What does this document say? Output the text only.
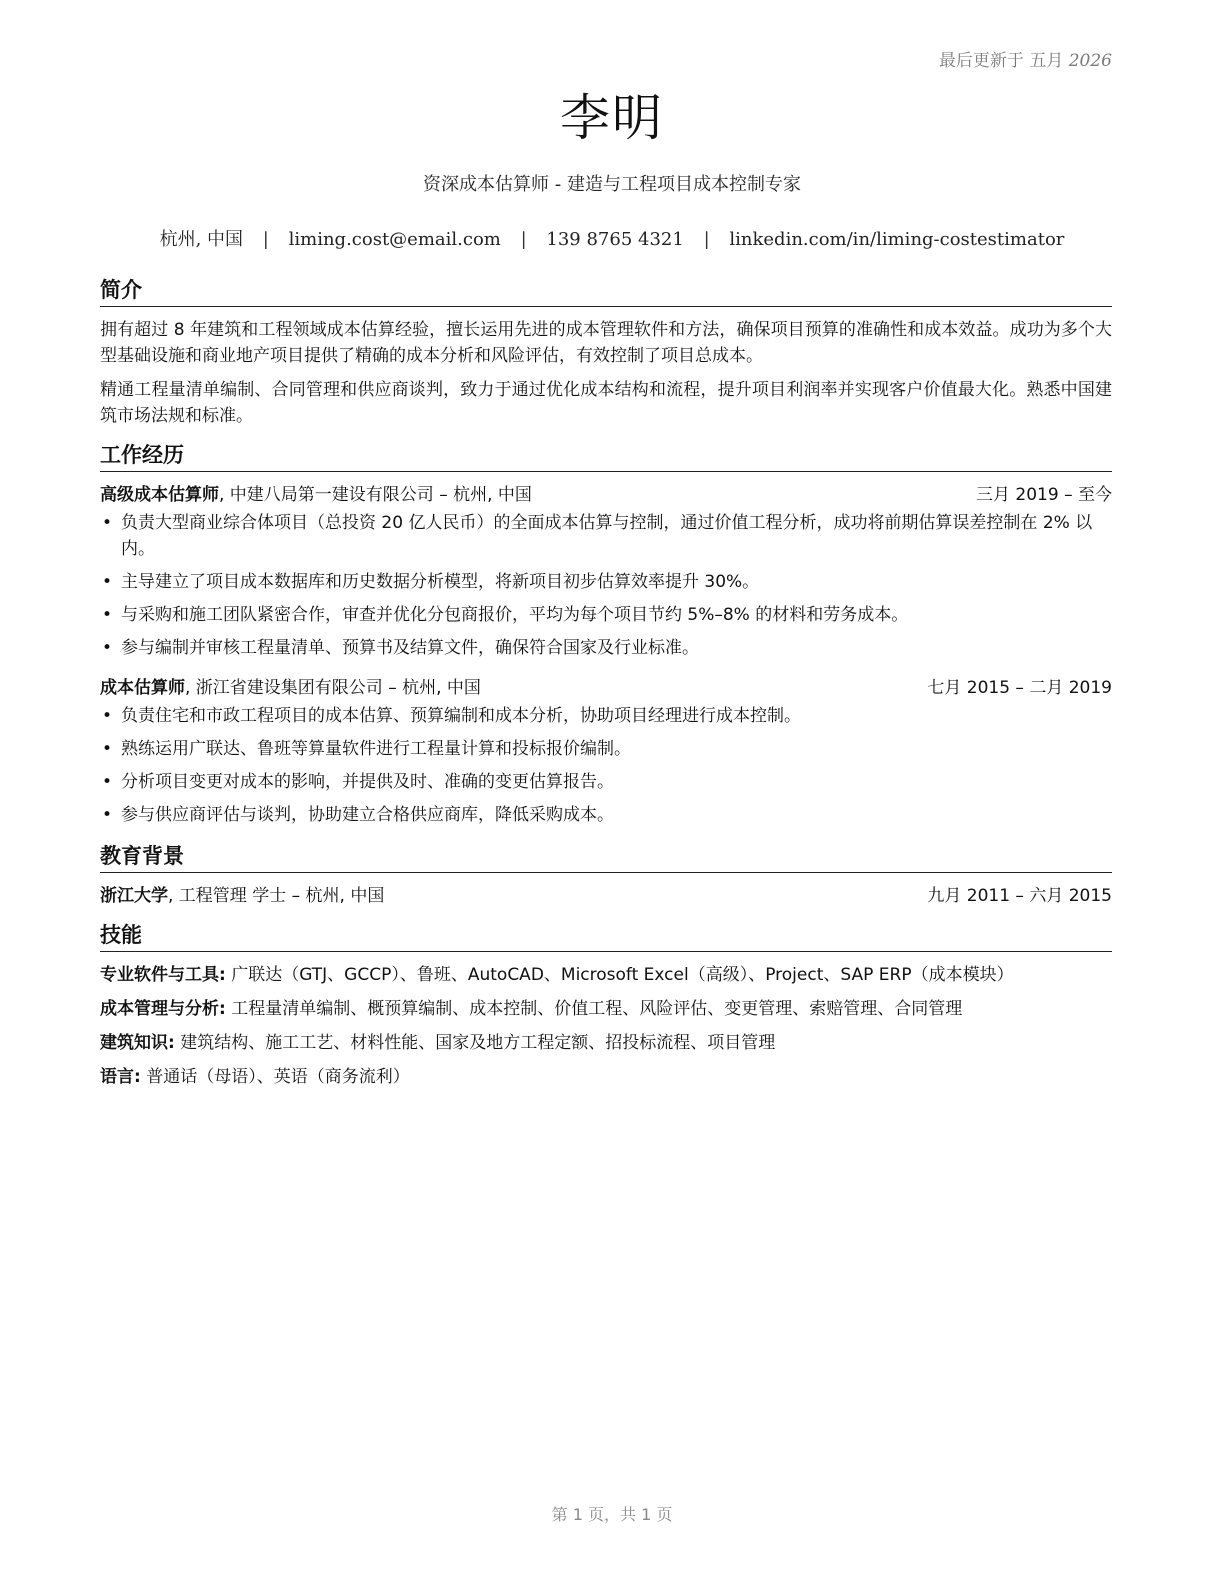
最后更新于 五月 2026
李明
资深成本估算师 - 建造与工程项目成本控制专家
杭州, 中国 | liming.cost@email.com | 139 8765 4321 | linkedin.com/in/liming-costestimator
简介

拥有超过 8 年建筑和工程领域成本估算经验，擅长运用先进的成本管理软件和方法，确保项目预算的准确性和成本效益。成功为多个大型基础设施和商业地产项目提供了精确的成本分析和风险评估，有效控制了项目总成本。

精通工程量清单编制、合同管理和供应商谈判，致力于通过优化成本结构和流程，提升项目利润率并实现客户价值最大化。熟悉中国建筑市场法规和标准。

工作经历
高级成本估算师, 中建八局第一建设有限公司 – 杭州, 中国	三月 2019 – 至今
• 负责大型商业综合体项目（总投资 20 亿人民币）的全面成本估算与控制，通过价值工程分析，成功将前期估算误差控制在 2% 以内。
• 主导建立了项目成本数据库和历史数据分析模型，将新项目初步估算效率提升 30%。
• 与采购和施工团队紧密合作，审查并优化分包商报价，平均为每个项目节约 5%–8% 的材料和劳务成本。
• 参与编制并审核工程量清单、预算书及结算文件，确保符合国家及行业标准。
成本估算师, 浙江省建设集团有限公司 – 杭州, 中国	七月 2015 – 二月 2019
• 负责住宅和市政工程项目的成本估算、预算编制和成本分析，协助项目经理进行成本控制。
• 熟练运用广联达、鲁班等算量软件进行工程量计算和投标报价编制。
• 分析项目变更对成本的影响，并提供及时、准确的变更估算报告。
• 参与供应商评估与谈判，协助建立合格供应商库，降低采购成本。
教育背景
浙江大学, 工程管理 学士 – 杭州, 中国	九月 2011 – 六月 2015
技能
专业软件与工具: 广联达（GTJ、GCCP）、鲁班、AutoCAD、Microsoft Excel（高级）、Project、SAP ERP（成本模块）
成本管理与分析: 工程量清单编制、概预算编制、成本控制、价值工程、风险评估、变更管理、索赔管理、合同管理
建筑知识: 建筑结构、施工工艺、材料性能、国家及地方工程定额、招投标流程、项目管理
语言: 普通话（母语）、英语（商务流利）
第 1 页，共 1 页
